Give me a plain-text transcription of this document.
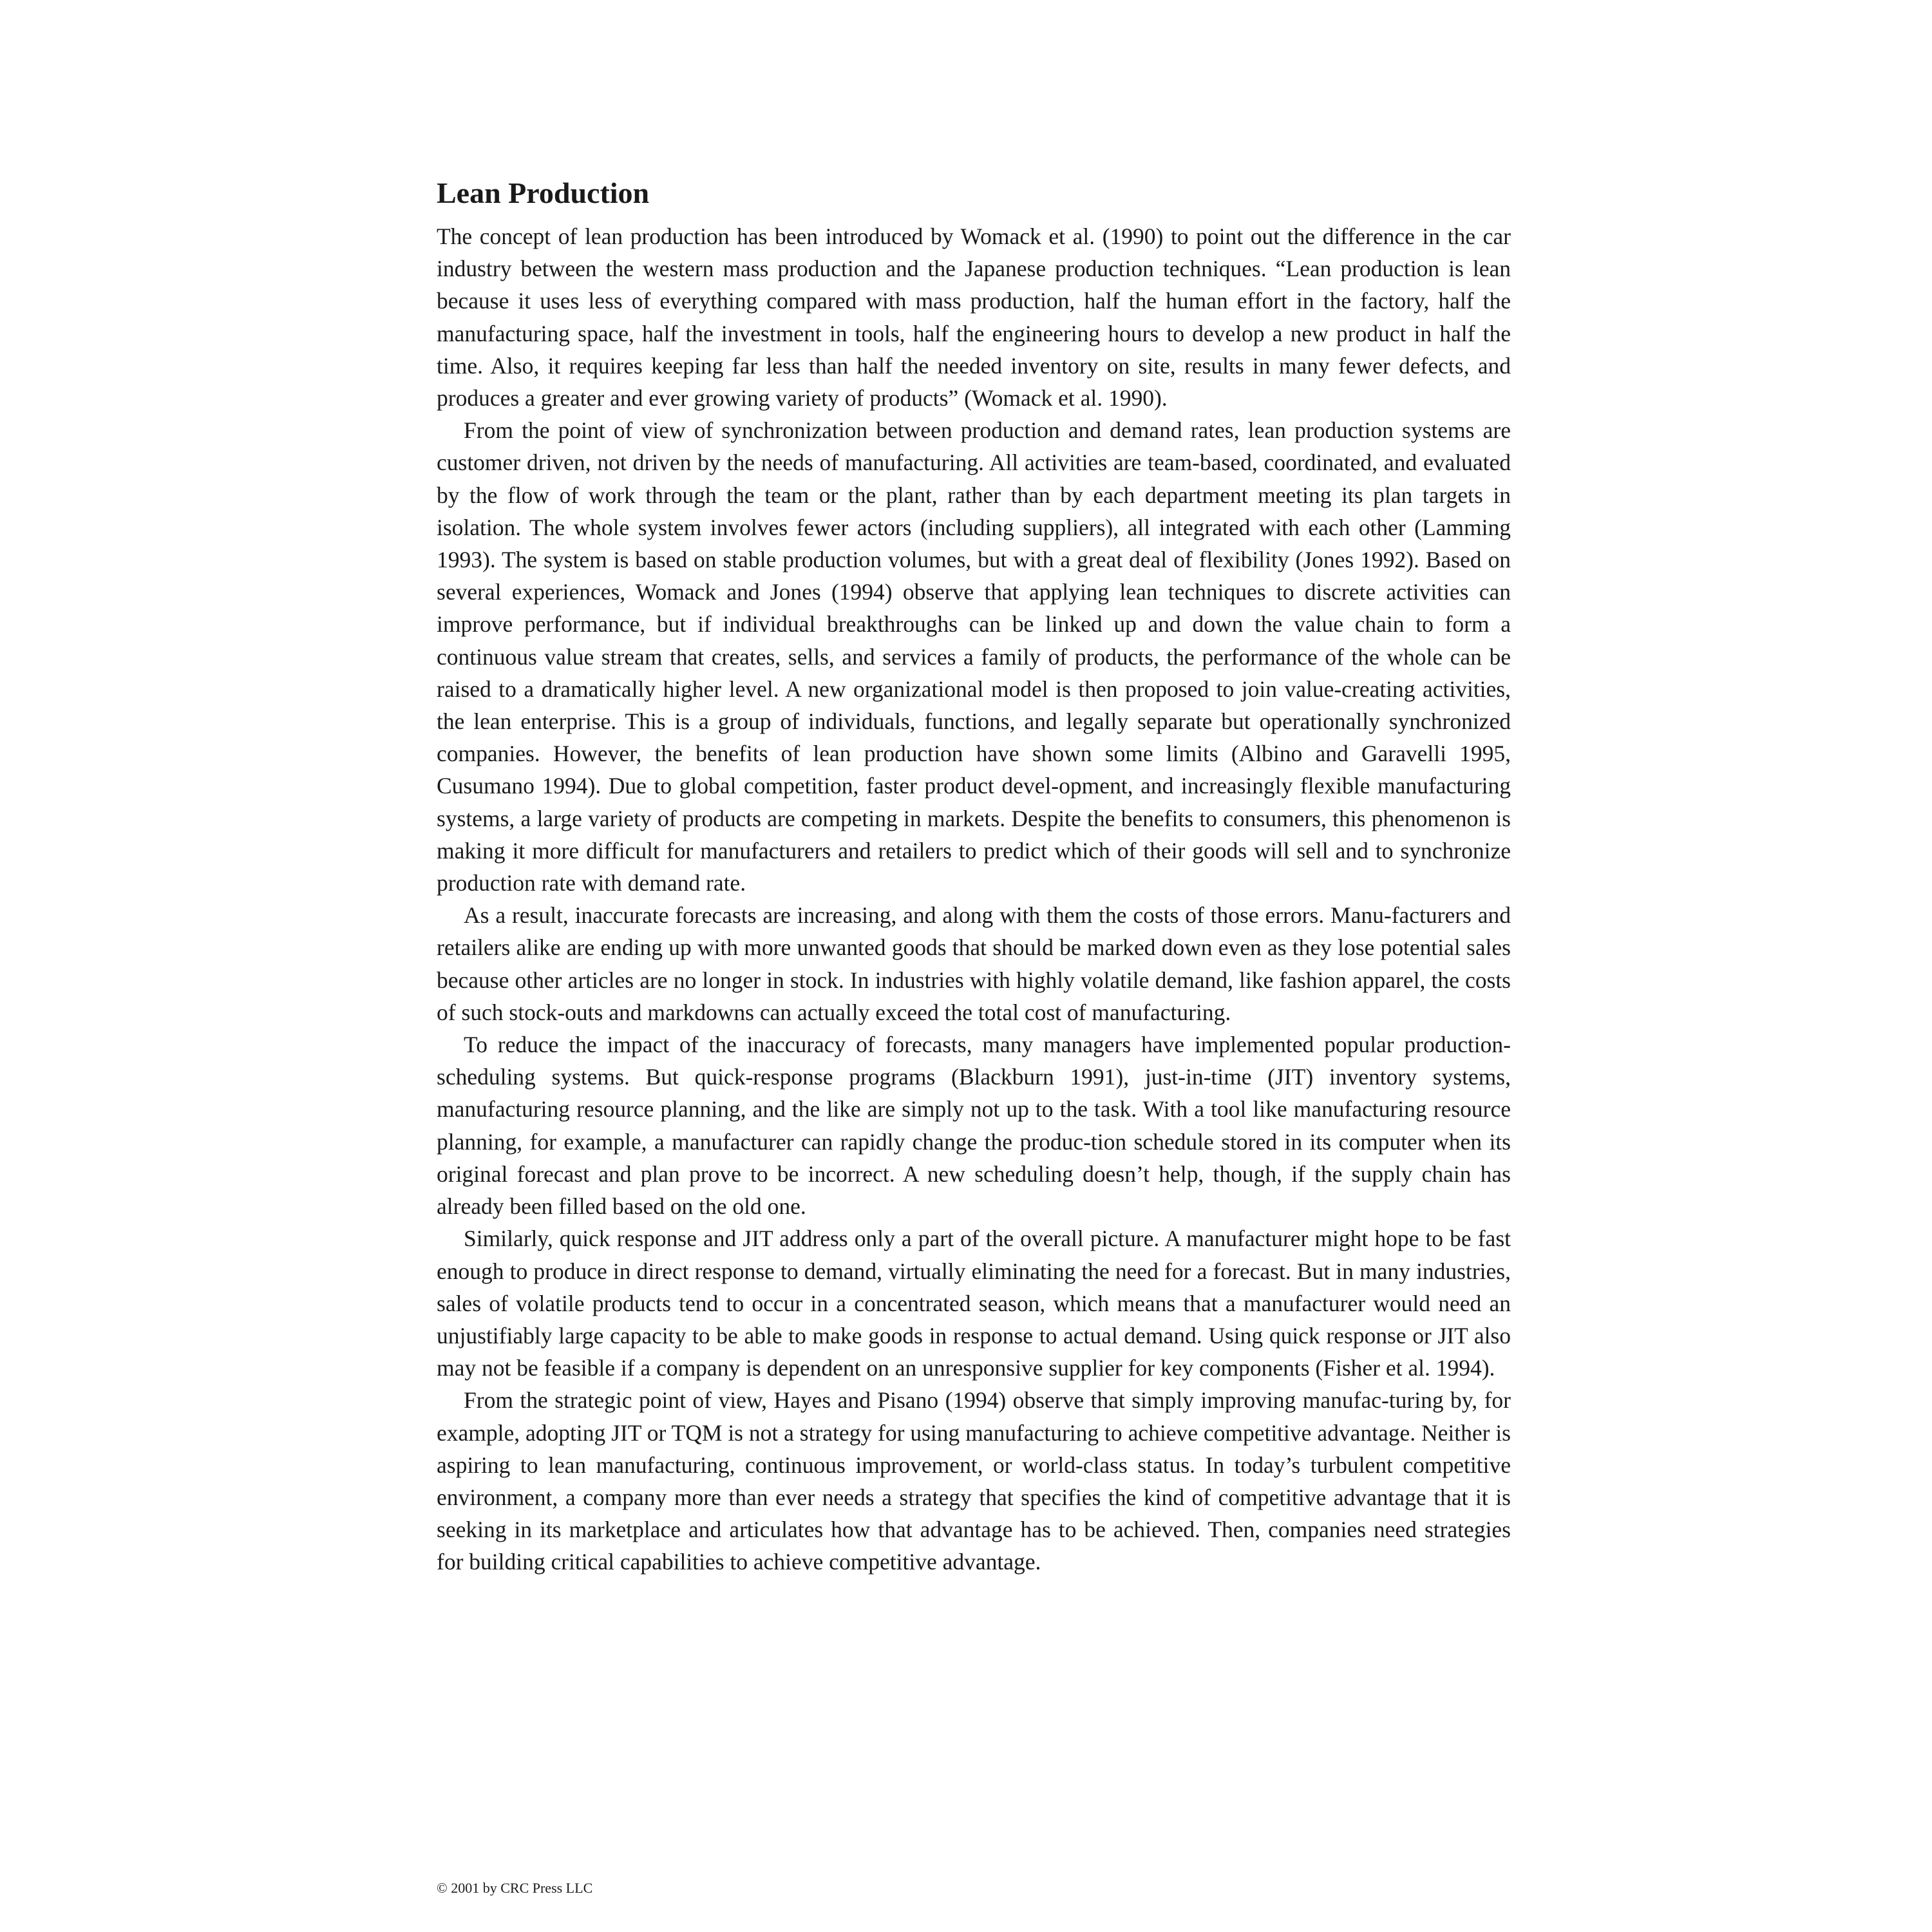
Lean Production

The concept of lean production has been introduced by Womack et al. (1990) to point out the difference in the car industry between the western mass production and the Japanese production techniques. “Lean production is lean because it uses less of everything compared with mass production, half the human effort in the factory, half the manufacturing space, half the investment in tools, half the engineering hours to develop a new product in half the time. Also, it requires keeping far less than half the needed inventory on site, results in many fewer defects, and produces a greater and ever growing variety of products” (Womack et al. 1990).

From the point of view of synchronization between production and demand rates, lean production systems are customer driven, not driven by the needs of manufacturing. All activities are team-based, coordinated, and evaluated by the flow of work through the team or the plant, rather than by each department meeting its plan targets in isolation. The whole system involves fewer actors (including suppliers), all integrated with each other (Lamming 1993). The system is based on stable production volumes, but with a great deal of flexibility (Jones 1992). Based on several experiences, Womack and Jones (1994) observe that applying lean techniques to discrete activities can improve performance, but if individual breakthroughs can be linked up and down the value chain to form a continuous value stream that creates, sells, and services a family of products, the performance of the whole can be raised to a dramatically higher level. A new organizational model is then proposed to join value-creating activities, the lean enterprise. This is a group of individuals, functions, and legally separate but operationally synchronized companies. However, the benefits of lean production have shown some limits (Albino and Garavelli 1995, Cusumano 1994). Due to global competition, faster product devel-opment, and increasingly flexible manufacturing systems, a large variety of products are competing in markets. Despite the benefits to consumers, this phenomenon is making it more difficult for manufacturers and retailers to predict which of their goods will sell and to synchronize production rate with demand rate.

As a result, inaccurate forecasts are increasing, and along with them the costs of those errors. Manu-facturers and retailers alike are ending up with more unwanted goods that should be marked down even as they lose potential sales because other articles are no longer in stock. In industries with highly volatile demand, like fashion apparel, the costs of such stock-outs and markdowns can actually exceed the total cost of manufacturing.

To reduce the impact of the inaccuracy of forecasts, many managers have implemented popular production-scheduling systems. But quick-response programs (Blackburn 1991), just-in-time (JIT) inventory systems, manufacturing resource planning, and the like are simply not up to the task. With a tool like manufacturing resource planning, for example, a manufacturer can rapidly change the produc-tion schedule stored in its computer when its original forecast and plan prove to be incorrect. A new scheduling doesn’t help, though, if the supply chain has already been filled based on the old one.

Similarly, quick response and JIT address only a part of the overall picture. A manufacturer might hope to be fast enough to produce in direct response to demand, virtually eliminating the need for a forecast. But in many industries, sales of volatile products tend to occur in a concentrated season, which means that a manufacturer would need an unjustifiably large capacity to be able to make goods in response to actual demand. Using quick response or JIT also may not be feasible if a company is dependent on an unresponsive supplier for key components (Fisher et al. 1994).

From the strategic point of view, Hayes and Pisano (1994) observe that simply improving manufac-turing by, for example, adopting JIT or TQM is not a strategy for using manufacturing to achieve competitive advantage. Neither is aspiring to lean manufacturing, continuous improvement, or world-class status. In today’s turbulent competitive environment, a company more than ever needs a strategy that specifies the kind of competitive advantage that it is seeking in its marketplace and articulates how that advantage has to be achieved. Then, companies need strategies for building critical capabilities to achieve competitive advantage.

© 2001 by CRC Press LLC
